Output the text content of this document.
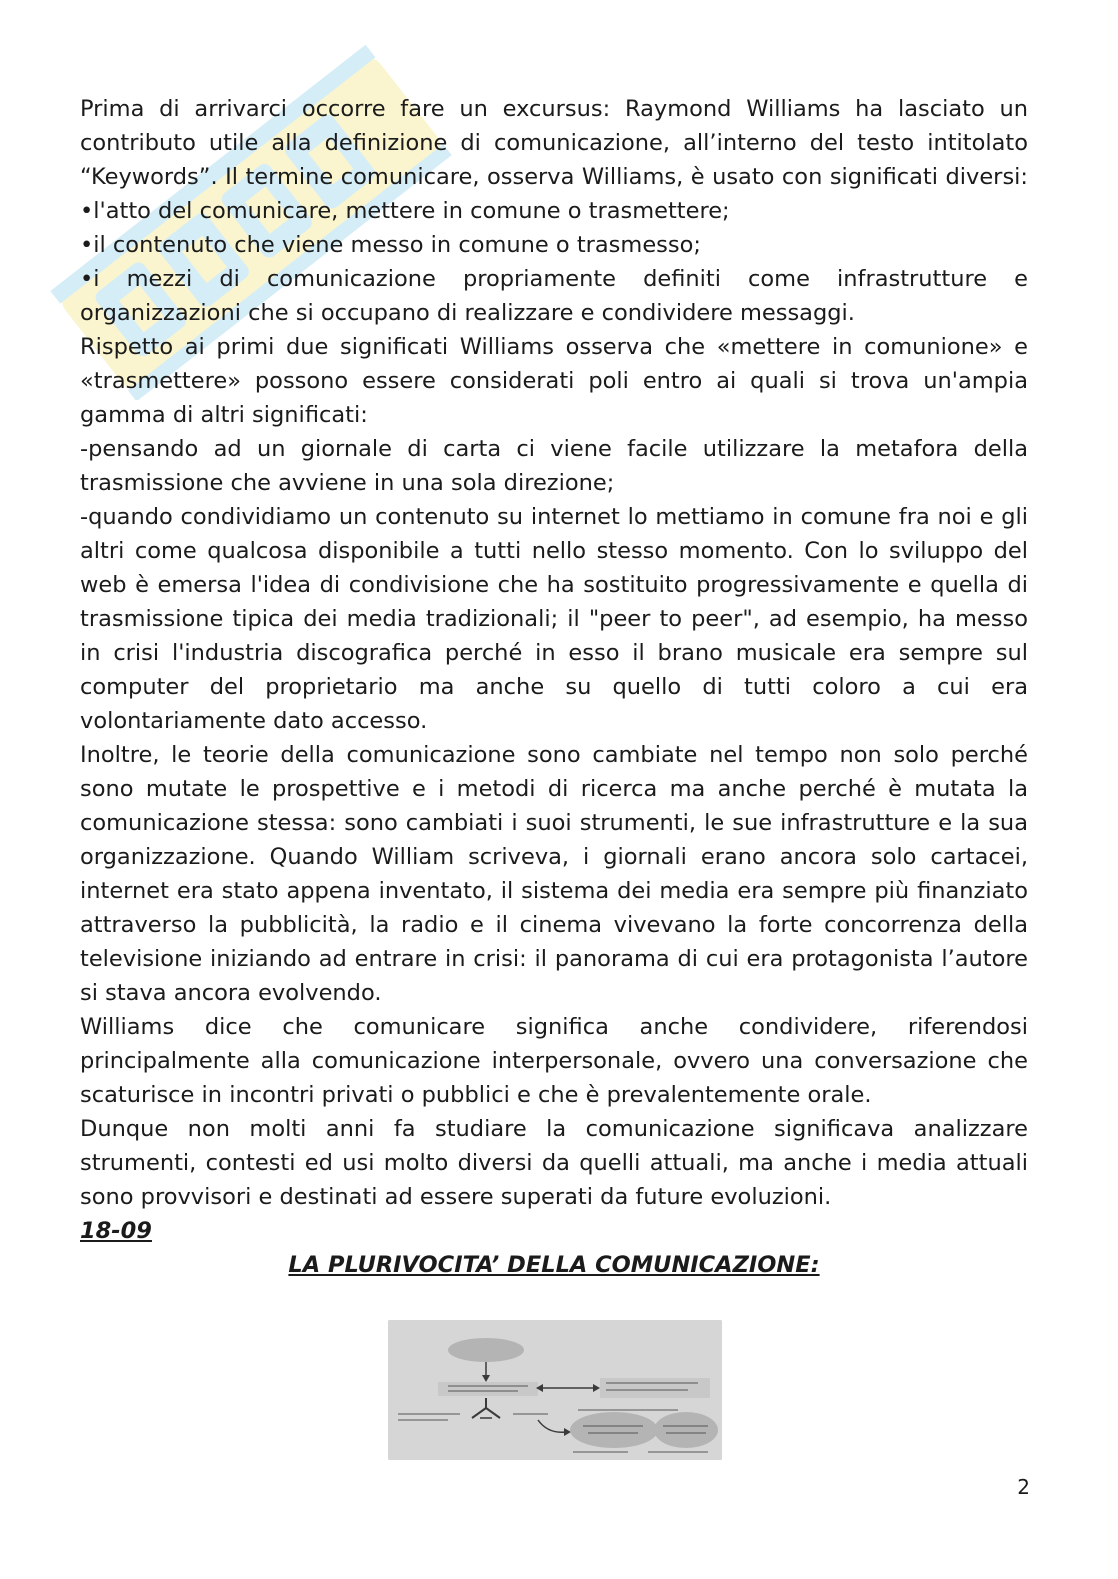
Prima di arrivarci occorre fare un excursus: Raymond Williams ha lasciato un contributo utile alla definizione di comunicazione, all’interno del testo intitolato “Keywords”. Il termine comunicare, osserva Williams, è usato con significati diversi:

•l'atto del comunicare, mettere in comune o trasmettere;

•il contenuto che viene messo in comune o trasmesso;

•i mezzi di comunicazione propriamente definiti come infrastrutture e organizzazioni che si occupano di realizzare e condividere messaggi.

Rispetto ai primi due significati Williams osserva che «mettere in comunione» e «trasmettere» possono essere considerati poli entro ai quali si trova un'ampia gamma di altri significati:

-pensando ad un giornale di carta ci viene facile utilizzare la metafora della trasmissione che avviene in una sola direzione;

-quando condividiamo un contenuto su internet lo mettiamo in comune fra noi e gli altri come qualcosa disponibile a tutti nello stesso momento. Con lo sviluppo del web è emersa l'idea di condivisione che ha sostituito progressivamente e quella di trasmissione tipica dei media tradizionali; il "peer to peer", ad esempio, ha messo in crisi l'industria discografica perché in esso il brano musicale era sempre sul computer del proprietario ma anche su quello di tutti coloro a cui era volontariamente dato accesso.

Inoltre, le teorie della comunicazione sono cambiate nel tempo non solo perché sono mutate le prospettive e i metodi di ricerca ma anche perché è mutata la comunicazione stessa: sono cambiati i suoi strumenti, le sue infrastrutture e la sua organizzazione. Quando William scriveva, i giornali erano ancora solo cartacei, internet era stato appena inventato, il sistema dei media era sempre più finanziato attraverso la pubblicità, la radio e il cinema vivevano la forte concorrenza della televisione iniziando ad entrare in crisi: il panorama di cui era protagonista l’autore si stava ancora evolvendo.

Williams dice che comunicare significa anche condividere, riferendosi principalmente alla comunicazione interpersonale, ovvero una conversazione che scaturisce in incontri privati o pubblici e che è prevalentemente orale.

Dunque non molti anni fa studiare la comunicazione significava analizzare strumenti, contesti ed usi molto diversi da quelli attuali, ma anche i media attuali sono provvisori e destinati ad essere superati da future evoluzioni.

18-09

LA PLURIVOCITA’ DELLA COMUNICAZIONE:

2
